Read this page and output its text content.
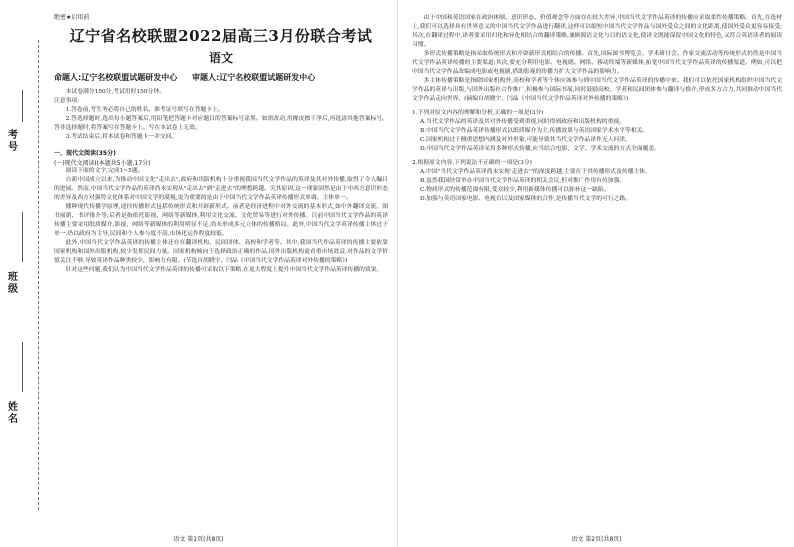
考号
班级
姓名
绝密★启用前
辽宁省名校联盟2022届高三3月份联合考试
语文
命题人:辽宁名校联盟试题研发中心 审题人:辽宁名校联盟试题研发中心

本试卷满分150分,考试用时150分钟。

注意事项:

1.答卷前,考生务必将自己的姓名、准考证号填写在答题卡上。

2.答选择题时,选出每小题答案后,用铅笔把答题卡对应题目的答案标号涂黑。如需改动,用橡皮擦干净后,再选涂其他答案标号。答非选择题时,将答案写在答题卡上。写在本试卷上无效。

3.考试结束后,将本试卷和答题卡一并交回。

一、现代文阅读(35分)
(一)现代文阅读Ⅰ(本题共5小题,17分)

阅读下面的文字,完成1~5题。

自新中国成立以来,为推动中国文化"走出去",政府和出版机构十分重视我国当代文学作品的英译及其对外传播,取得了令人瞩目的进展。然而,中国当代文学作品的英译尚未实现从"走出去"到"走进去"的理想跨越。究其原因,这一现象固然是由于中西方意识形态的差异及西方对强势文化体系对中国文学的漠视,更为重要的是由于中国当代文学作品英译传播形式单调、主体单一。

播种现代传播学原理,途径传播形式包括传统形式和开辟新形式。前者是经济进程中对外交流的基本形式,如中外翻译交流、图书展销、书评推介等;后者是指依托影视、网络等新媒体,利用文化交流、文化贸易等进行对外传播。目前中国当代文学作品的英译传播主要采用纸质媒介,影视、网络等新媒体的利用明显不足,尚未形成多元立体的传播格局。此外,中国当代文学英译传播主体过于单一,仍以政府为主导,民间和个人参与度不高,市场化运作程度较低。

此外,中国当代文学作品英译的传播主体还存在翻译机构、民间团体、高校和学者等。其中,我国当代作品英译的传播主要依靠国家机构和国外出版机构,较少发挥民间力量。国家机构倾向于选择政治正确的作品,国外出版机构更看重市场效益,对作品的文学价值关注不够,导致英译作品种类较少、影响力有限。(节选自胡晓宇、闫晶《中国当代文学作品英译对外传播的策略》)

针对这些问题,我们认为中国当代文学作品英译的传播可采取以下策略,在更大程度上提升中国当代文学作品英译传播的效果。

语文 第1页(共8页)

由于中国和英语国家在政治体制、意识形态、价值观念等方面存在较大差异,中国当代文学作品英译的传播应采取柔性传播策略。首先,在选材上,我们可以选择具有世界意义的中国当代文学作品进行翻译,这样可以缩短中国当代文学作品与国外受众之间的文化距离,使国外受众更容易接受;其次,在翻译过程中,译者要采用归化和异化相结合的翻译策略,兼顾源语文化与目的语文化,使译文既能保留中国文化的特色,又符合英语读者的阅读习惯。

多形式传播策略是指采取传统形式和开辟新形式相结合的传播。首先,国际图书博览会、学术研讨会、作家交流活动等传统形式仍然是中国当代文学作品英译传播的主要渠道;其次,要充分利用电影、电视剧、网络、移动终端等新媒体,拓宽中国当代文学作品英译的传播渠道。例如,可以把中国当代文学作品改编成电影或电视剧,借助影视的传播力扩大文学作品的影响力。

多主体传播策略是指除国家机构外,高校和学者等个体应该参与到中国当代文学作品英译的传播中来。我们可以依托国家机构组织中国当代文学作品的英译与出版,与国外出版社合作推广,积极参与国际书展,同时鼓励高校、学者和民间团体参与翻译与推介,形成多方合力,共同推动中国当代文学作品走向世界。(摘编自胡晓宇、闫晶《中国当代文学作品英译对外传播的策略》)

1.下列对原文内容的理解和分析,正确的一项是(3分)

A.当代文学作品的英译及其对外传播受到重视,同时得到政府和出版机构的重视。

B.中国当代文学作品英译传播形式以纸质媒介为主,传播效果与英语国家学术水平等相关。

C.国家机构过于侧重思想内涵及对外形象,可能导致其当代文学作品译作无人问津。

D.中国当代文学作品英译采用多种形式传播,应当结合电影、文学、学术交流的方式全面覆盖。

2.根据原文内容,下列说法不正确的一项是(3分)

A.中国"当代文学作品英译尚未实现'走进去'"的深度跨越,主要在于其传播形式及传播主体。

B.虽然我国经常举办中国当代文学作品英译的相关会议,但对推广作用有待加强。

C.物质形式的传播范围有限,受众较少,利用新媒体传播可以弥补这一缺陷。

D.加强与英语国家电影、电视台以及国家媒体的合作,是传播当代文学的可行之路。

语文 第2页(共8页)
